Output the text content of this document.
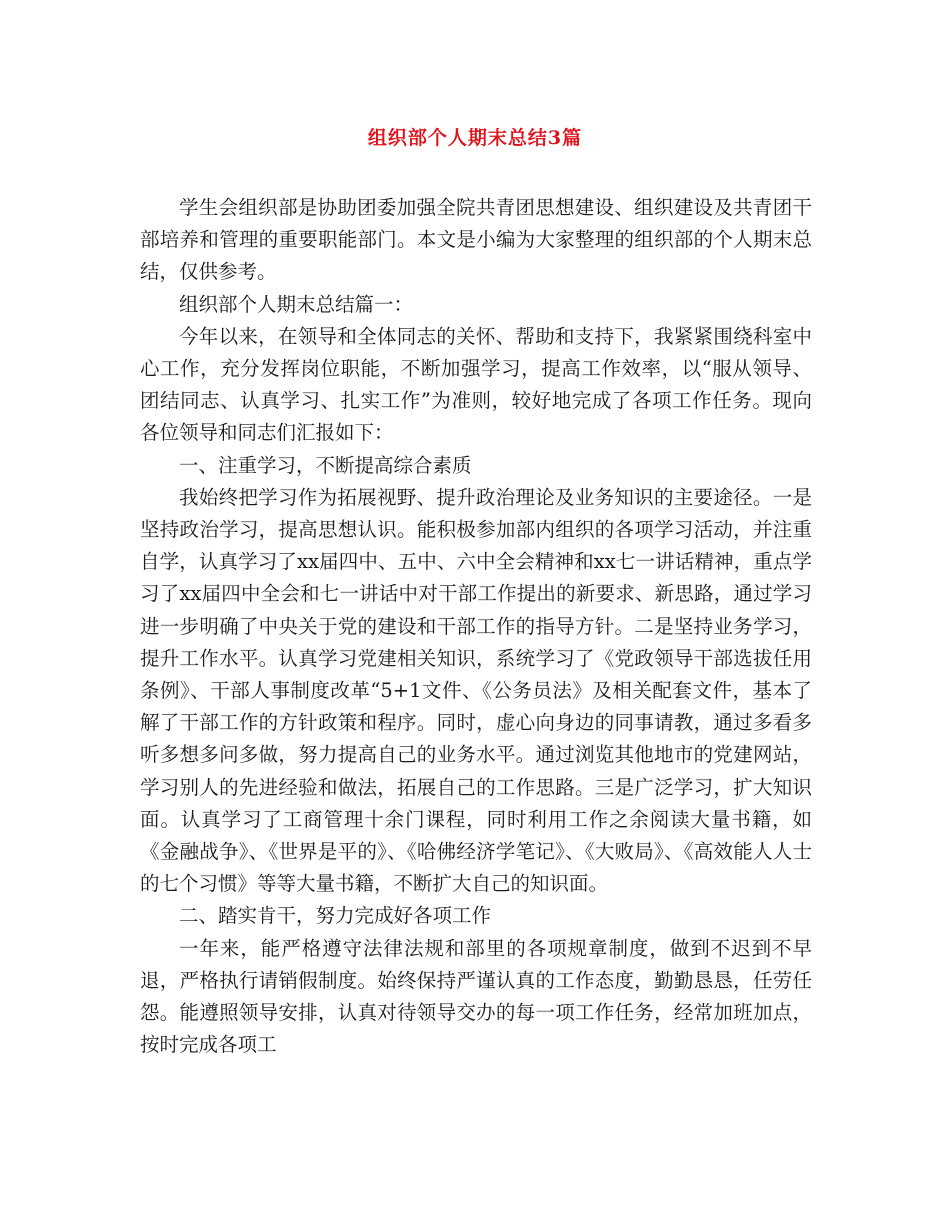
组织部个人期末总结3篇

学生会组织部是协助团委加强全院共青团思想建设、组织建设及共青团干部培养和管理的重要职能部门。本文是小编为大家整理的组织部的个人期末总结，仅供参考。

组织部个人期末总结篇一：

今年以来，在领导和全体同志的关怀、帮助和支持下，我紧紧围绕科室中心工作，充分发挥岗位职能，不断加强学习，提高工作效率，以“服从领导、团结同志、认真学习、扎实工作”为准则，较好地完成了各项工作任务。现向各位领导和同志们汇报如下：

一、注重学习，不断提高综合素质

我始终把学习作为拓展视野、提升政治理论及业务知识的主要途径。一是坚持政治学习，提高思想认识。能积极参加部内组织的各项学习活动，并注重自学，认真学习了xx届四中、五中、六中全会精神和xx七一讲话精神，重点学习了xx届四中全会和七一讲话中对干部工作提出的新要求、新思路，通过学习进一步明确了中央关于党的建设和干部工作的指导方针。二是坚持业务学习，提升工作水平。认真学习党建相关知识，系统学习了《党政领导干部选拔任用条例》、干部人事制度改革“5+1文件、《公务员法》及相关配套文件，基本了解了干部工作的方针政策和程序。同时，虚心向身边的同事请教，通过多看多听多想多问多做，努力提高自己的业务水平。通过浏览其他地市的党建网站，学习别人的先进经验和做法，拓展自己的工作思路。三是广泛学习，扩大知识面。认真学习了工商管理十余门课程，同时利用工作之余阅读大量书籍，如《金融战争》、《世界是平的》、《哈佛经济学笔记》、《大败局》、《高效能人人士的七个习惯》等等大量书籍，不断扩大自己的知识面。

二、踏实肯干，努力完成好各项工作

一年来，能严格遵守法律法规和部里的各项规章制度，做到不迟到不早退，严格执行请销假制度。始终保持严谨认真的工作态度，勤勤恳恳，任劳任怨。能遵照领导安排，认真对待领导交办的每一项工作任务，经常加班加点，按时完成各项工
